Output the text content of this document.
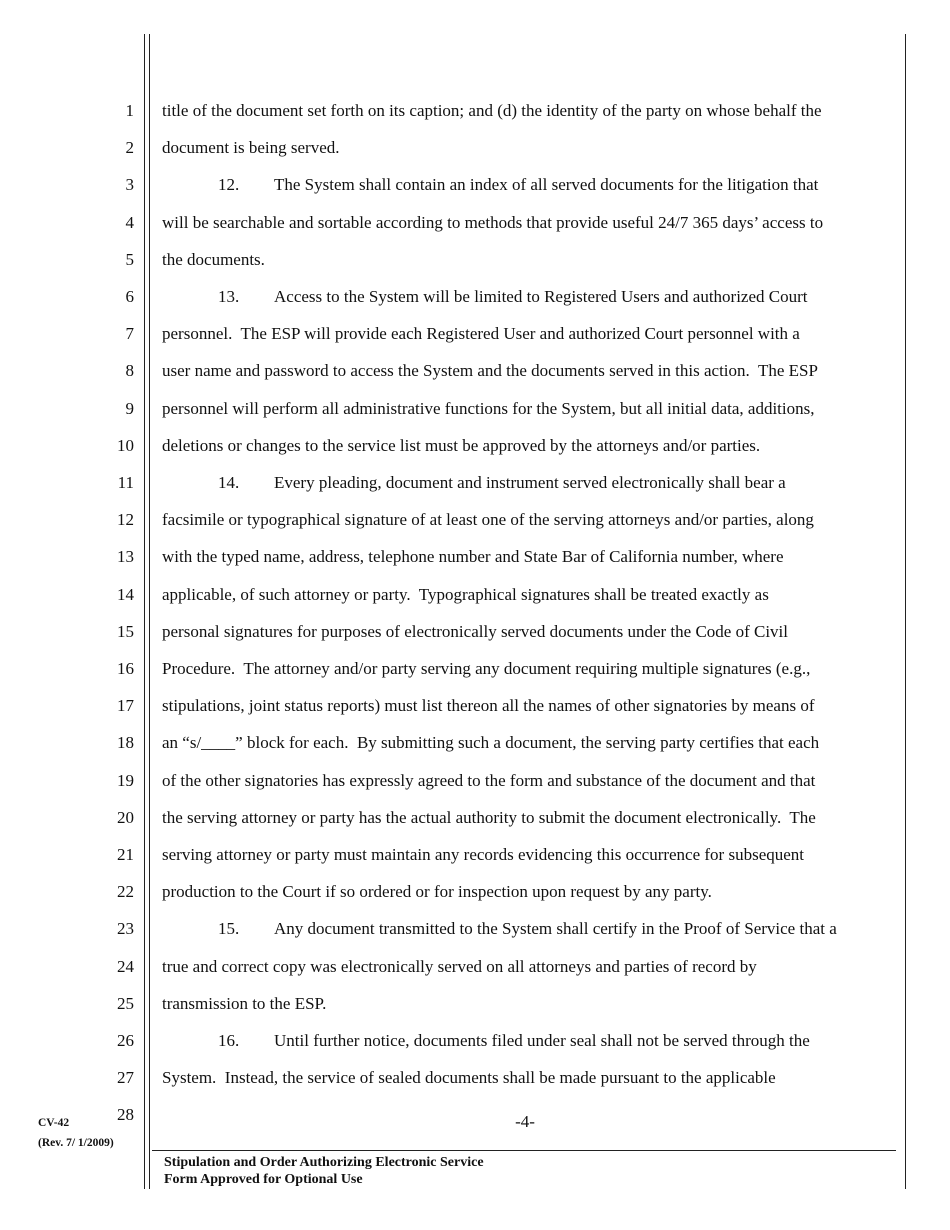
1
2
3
4
5
6
7
8
9
10
11
12
13
14
15
16
17
18
19
20
21
22
23
24
25
26
27
28
title of the document set forth on its caption; and (d) the identity of the party on whose behalf the
document is being served.
12. The System shall contain an index of all served documents for the litigation that
will be searchable and sortable according to methods that provide useful 24/7 365 days’ access to
the documents.
13. Access to the System will be limited to Registered Users and authorized Court
personnel.  The ESP will provide each Registered User and authorized Court personnel with a
user name and password to access the System and the documents served in this action.  The ESP
personnel will perform all administrative functions for the System, but all initial data, additions,
deletions or changes to the service list must be approved by the attorneys and/or parties.
14. Every pleading, document and instrument served electronically shall bear a
facsimile or typographical signature of at least one of the serving attorneys and/or parties, along
with the typed name, address, telephone number and State Bar of California number, where
applicable, of such attorney or party.  Typographical signatures shall be treated exactly as
personal signatures for purposes of electronically served documents under the Code of Civil
Procedure.  The attorney and/or party serving any document requiring multiple signatures (e.g.,
stipulations, joint status reports) must list thereon all the names of other signatories by means of
an “s/____” block for each.  By submitting such a document, the serving party certifies that each
of the other signatories has expressly agreed to the form and substance of the document and that
the serving attorney or party has the actual authority to submit the document electronically.  The
serving attorney or party must maintain any records evidencing this occurrence for subsequent
production to the Court if so ordered or for inspection upon request by any party.
15. Any document transmitted to the System shall certify in the Proof of Service that a
true and correct copy was electronically served on all attorneys and parties of record by
transmission to the ESP.
16. Until further notice, documents filed under seal shall not be served through the
System.  Instead, the service of sealed documents shall be made pursuant to the applicable
-4-
CV-42
(Rev. 7/ 1/2009)
Stipulation and Order Authorizing Electronic Service
Form Approved for Optional Use
